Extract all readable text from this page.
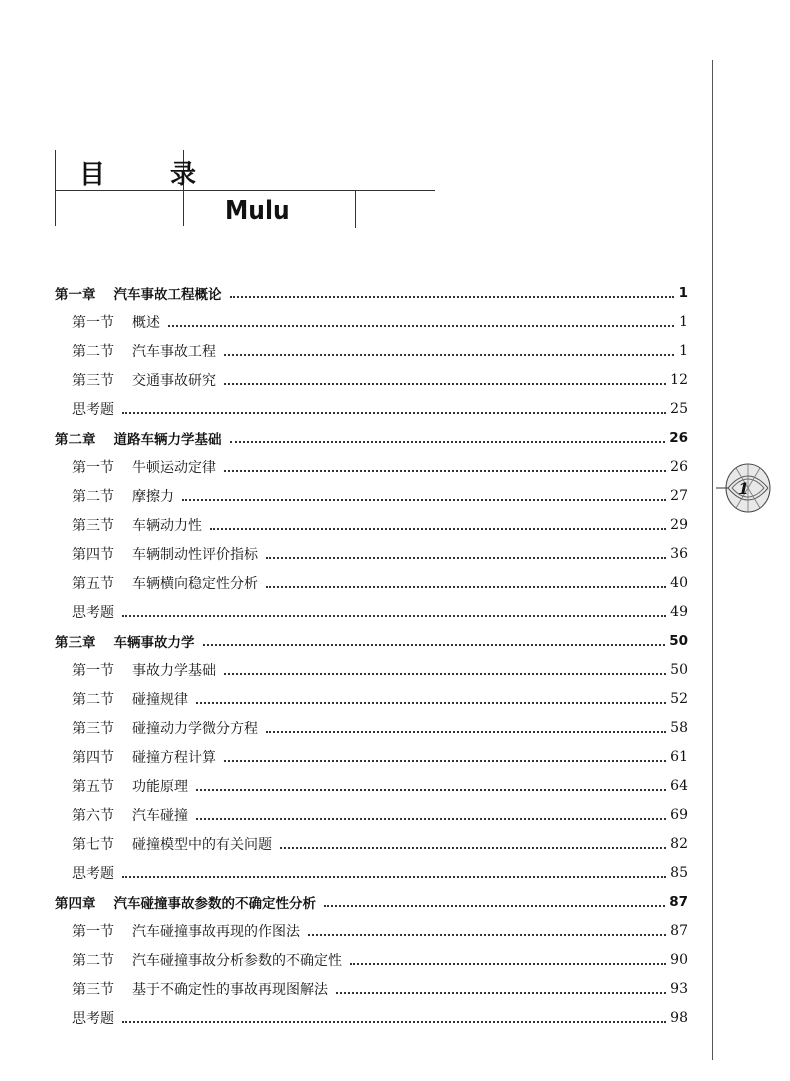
目 录
Mulu
1
第一章 汽车事故工程概论	1
第一节 概述	1
第二节 汽车事故工程	1
第三节 交通事故研究	12
思考题	25
第二章 道路车辆力学基础	26
第一节 牛顿运动定律	26
第二节 摩擦力	27
第三节 车辆动力性	29
第四节 车辆制动性评价指标	36
第五节 车辆横向稳定性分析	40
思考题	49
第三章 车辆事故力学	50
第一节 事故力学基础	50
第二节 碰撞规律	52
第三节 碰撞动力学微分方程	58
第四节 碰撞方程计算	61
第五节 功能原理	64
第六节 汽车碰撞	69
第七节 碰撞模型中的有关问题	82
思考题	85
第四章 汽车碰撞事故参数的不确定性分析	87
第一节 汽车碰撞事故再现的作图法	87
第二节 汽车碰撞事故分析参数的不确定性	90
第三节 基于不确定性的事故再现图解法	93
思考题	98
